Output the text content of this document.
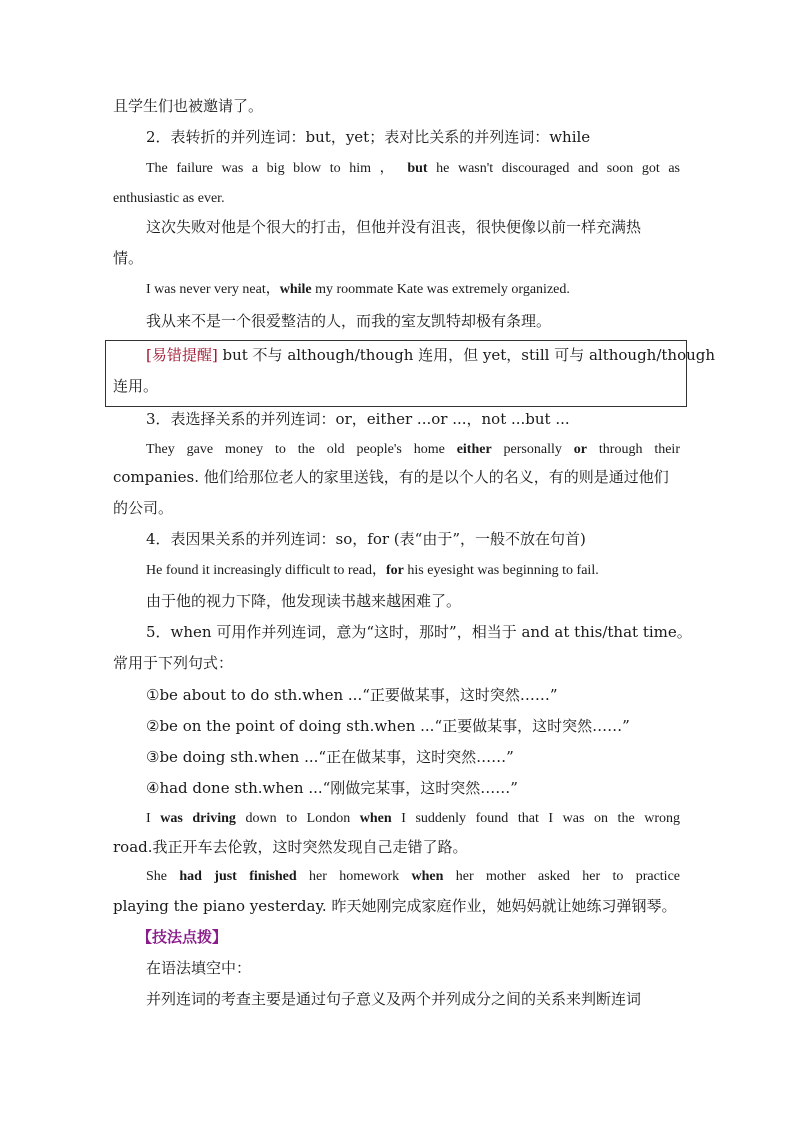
且学生们也被邀请了。
2．表转折的并列连词：but，yet；表对比关系的并列连词：while
The failure was a big blow to him ， but he wasn't discouraged and soon got as
enthusiastic as ever.
这次失败对他是个很大的打击，但他并没有沮丧，很快便像以前一样充满热
情。
I was never very neat，while my roommate Kate was extremely organized.
我从来不是一个很爱整洁的人，而我的室友凯特却极有条理。
[易错提醒] but 不与 although/though 连用，但 yet，still 可与 although/though
连用。
3．表选择关系的并列连词：or，either ...or ...，not ...but ...
They gave money to the old people's home either personally or through their
companies. 他们给那位老人的家里送钱，有的是以个人的名义，有的则是通过他们
的公司。
4．表因果关系的并列连词：so，for (表“由于”，一般不放在句首)
He found it increasingly difficult to read，for his eyesight was beginning to fail.
由于他的视力下降，他发现读书越来越困难了。
5．when 可用作并列连词，意为“这时，那时”，相当于 and at this/that time。
常用于下列句式：
①be about to do sth.when ...“正要做某事，这时突然……”
②be on the point of doing sth.when ...“正要做某事，这时突然……”
③be doing sth.when ...“正在做某事，这时突然……”
④had done sth.when ...“刚做完某事，这时突然……”
I was driving down to London when I suddenly found that I was on the wrong
road.我正开车去伦敦，这时突然发现自己走错了路。
She had just finished her homework when her mother asked her to practice
playing the piano yesterday. 昨天她刚完成家庭作业，她妈妈就让她练习弹钢琴。
【技法点拨】
在语法填空中：
并列连词的考查主要是通过句子意义及两个并列成分之间的关系来判断连词
